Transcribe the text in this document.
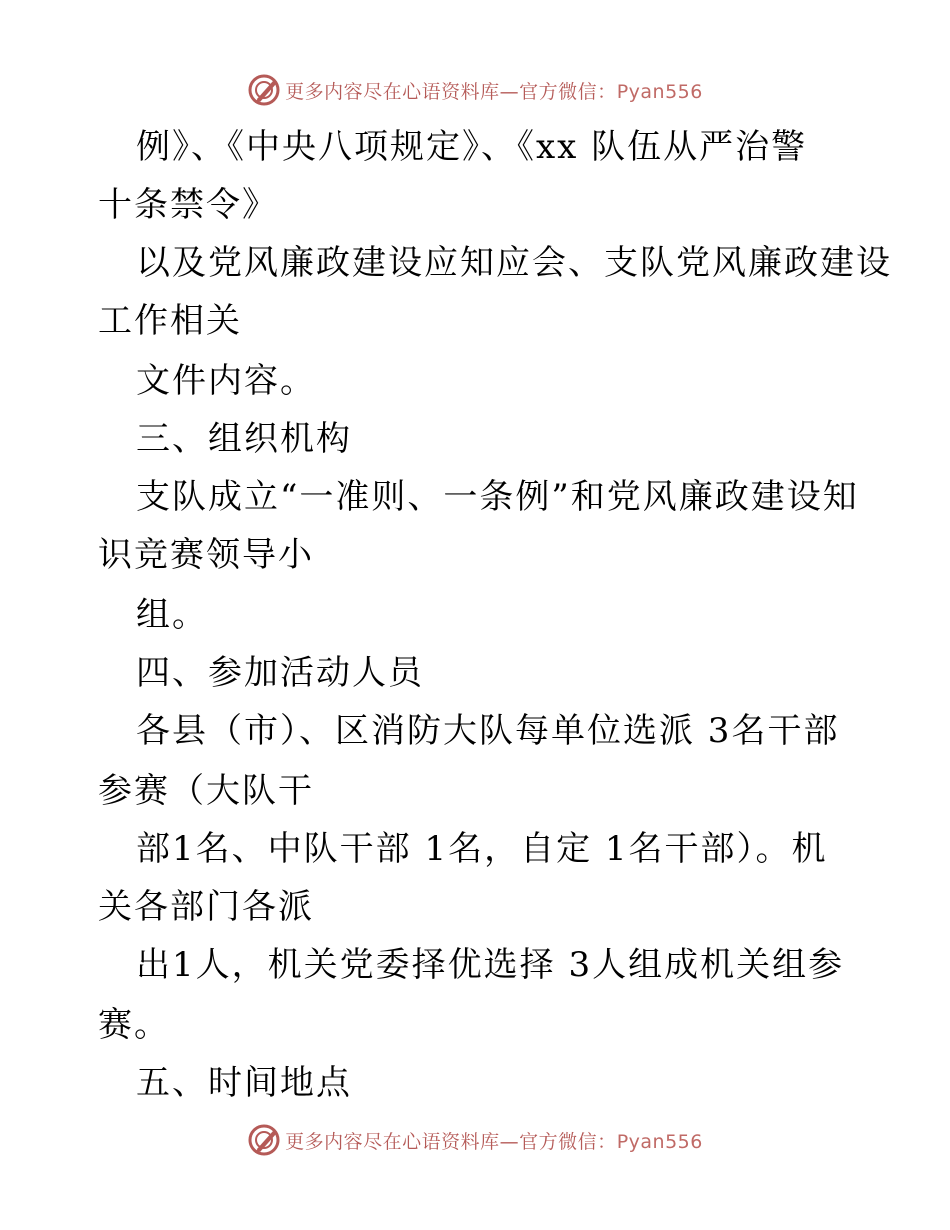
更多内容尽在心语资料库—官方微信：Pyan556
例》、《中央八项规定》、《xx 队伍从严治警
十条禁令》
以及党风廉政建设应知应会、支队党风廉政建设
工作相关
文件内容。
三、组织机构
支队成立“一准则、一条例”和党风廉政建设知
识竞赛领导小
组。
四、参加活动人员
各县（市）、区消防大队每单位选派 3名干部
参赛（大队干
部1名、中队干部 1名，自定 1名干部）。机
关各部门各派
出1人，机关党委择优选择 3人组成机关组参
赛。
五、时间地点
更多内容尽在心语资料库—官方微信：Pyan556
